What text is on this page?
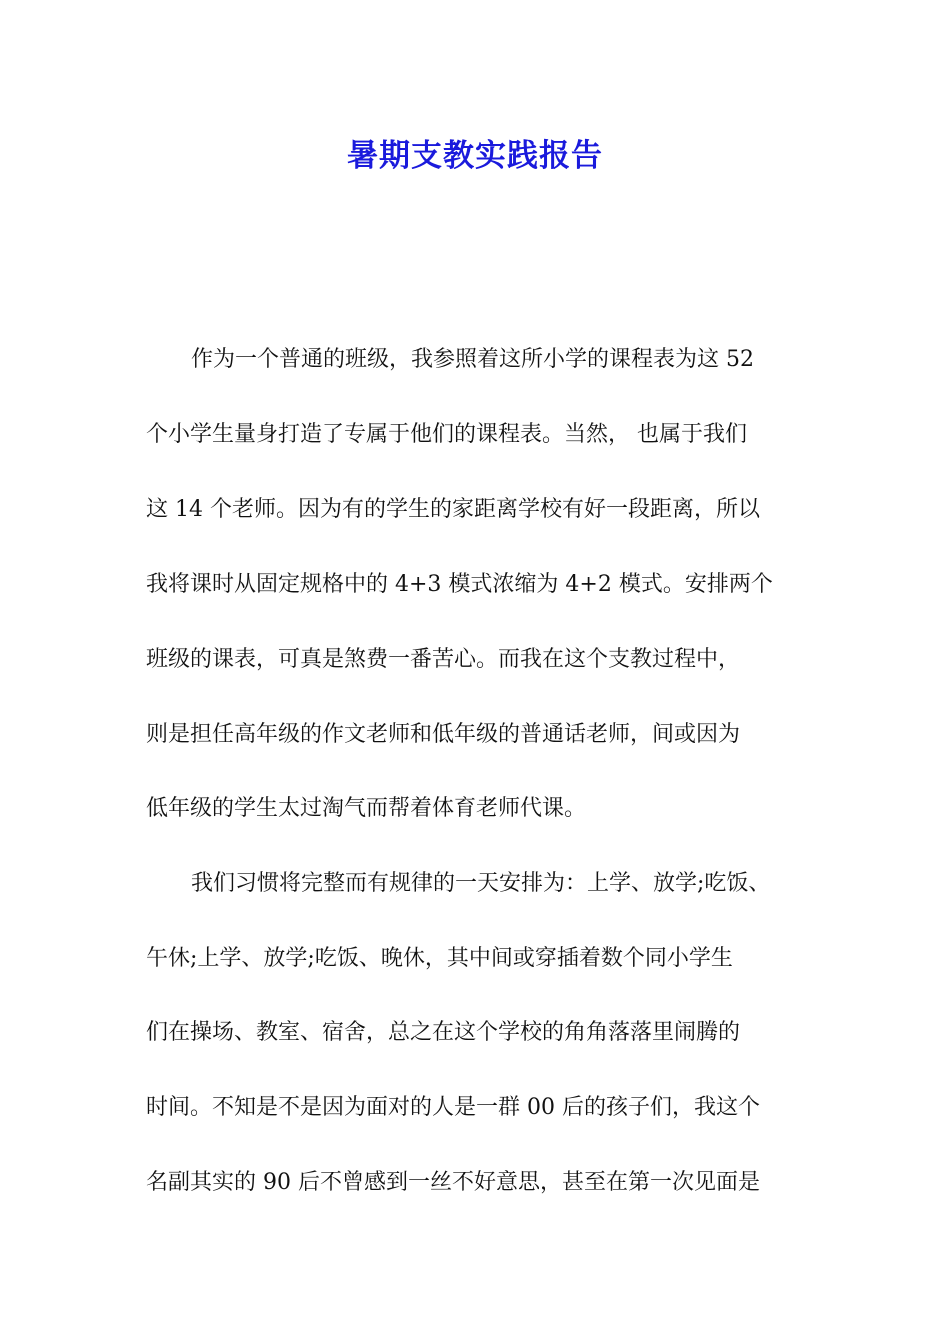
暑期支教实践报告
作为一个普通的班级，我参照着这所小学的课程表为这 52
个小学生量身打造了专属于他们的课程表。当然， 也属于我们
这 14 个老师。因为有的学生的家距离学校有好一段距离，所以
我将课时从固定规格中的 4+3 模式浓缩为 4+2 模式。安排两个
班级的课表，可真是煞费一番苦心。而我在这个支教过程中，
则是担任高年级的作文老师和低年级的普通话老师，间或因为
低年级的学生太过淘气而帮着体育老师代课。
我们习惯将完整而有规律的一天安排为：上学、放学;吃饭、
午休;上学、放学;吃饭、晚休，其中间或穿插着数个同小学生
们在操场、教室、宿舍，总之在这个学校的角角落落里闹腾的
时间。不知是不是因为面对的人是一群 00 后的孩子们，我这个
名副其实的 90 后不曾感到一丝不好意思，甚至在第一次见面是
